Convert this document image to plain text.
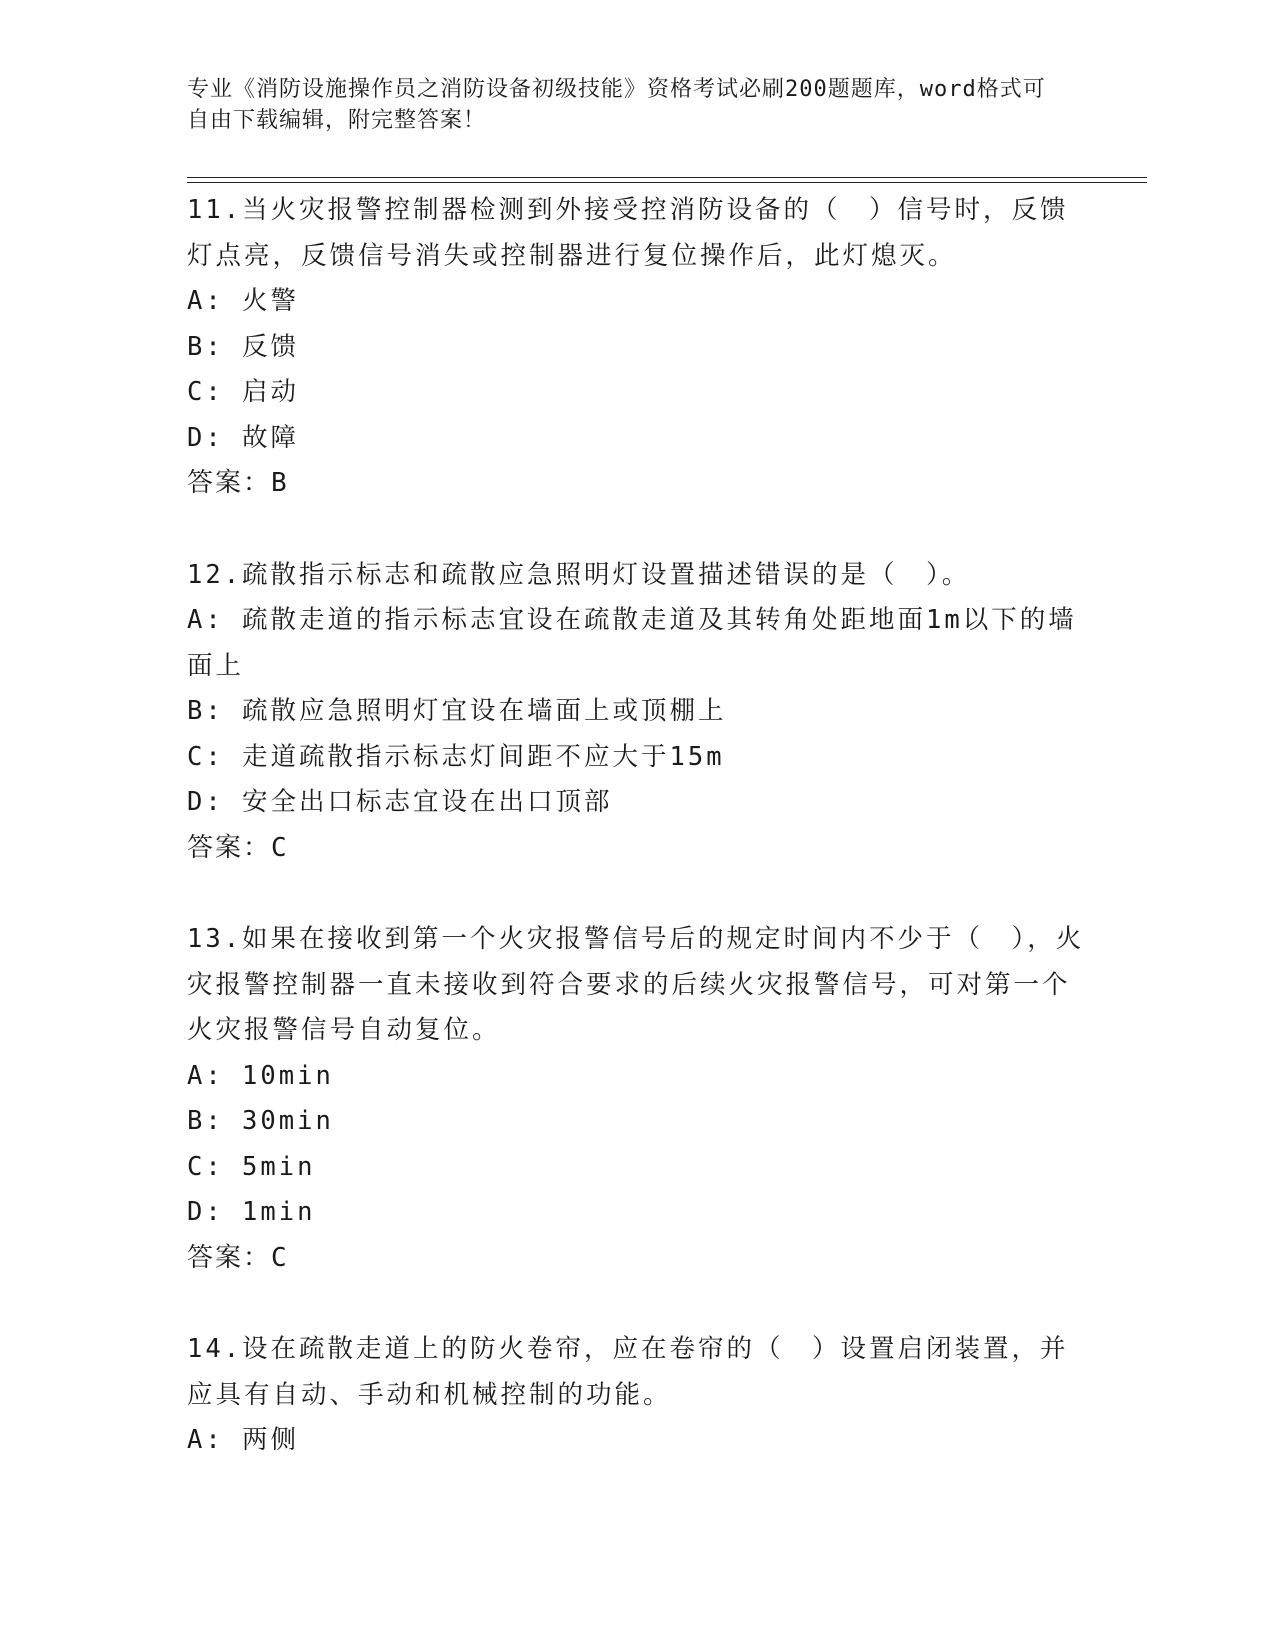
专业《消防设施操作员之消防设备初级技能》资格考试必刷200题题库，word格式可自由下载编辑，附完整答案！

11.当火灾报警控制器检测到外接受控消防设备的（　）信号时，反馈灯点亮，反馈信号消失或控制器进行复位操作后，此灯熄灭。

A: 火警

B: 反馈

C: 启动

D: 故障

答案：B

12.疏散指示标志和疏散应急照明灯设置描述错误的是（　）。

A: 疏散走道的指示标志宜设在疏散走道及其转角处距地面1m以下的墙面上

B: 疏散应急照明灯宜设在墙面上或顶棚上

C: 走道疏散指示标志灯间距不应大于15m

D: 安全出口标志宜设在出口顶部

答案：C

13.如果在接收到第一个火灾报警信号后的规定时间内不少于（　），火灾报警控制器一直未接收到符合要求的后续火灾报警信号，可对第一个火灾报警信号自动复位。

A: 10min

B: 30min

C: 5min

D: 1min

答案：C

14.设在疏散走道上的防火卷帘，应在卷帘的（　）设置启闭装置，并应具有自动、手动和机械控制的功能。

A: 两侧
